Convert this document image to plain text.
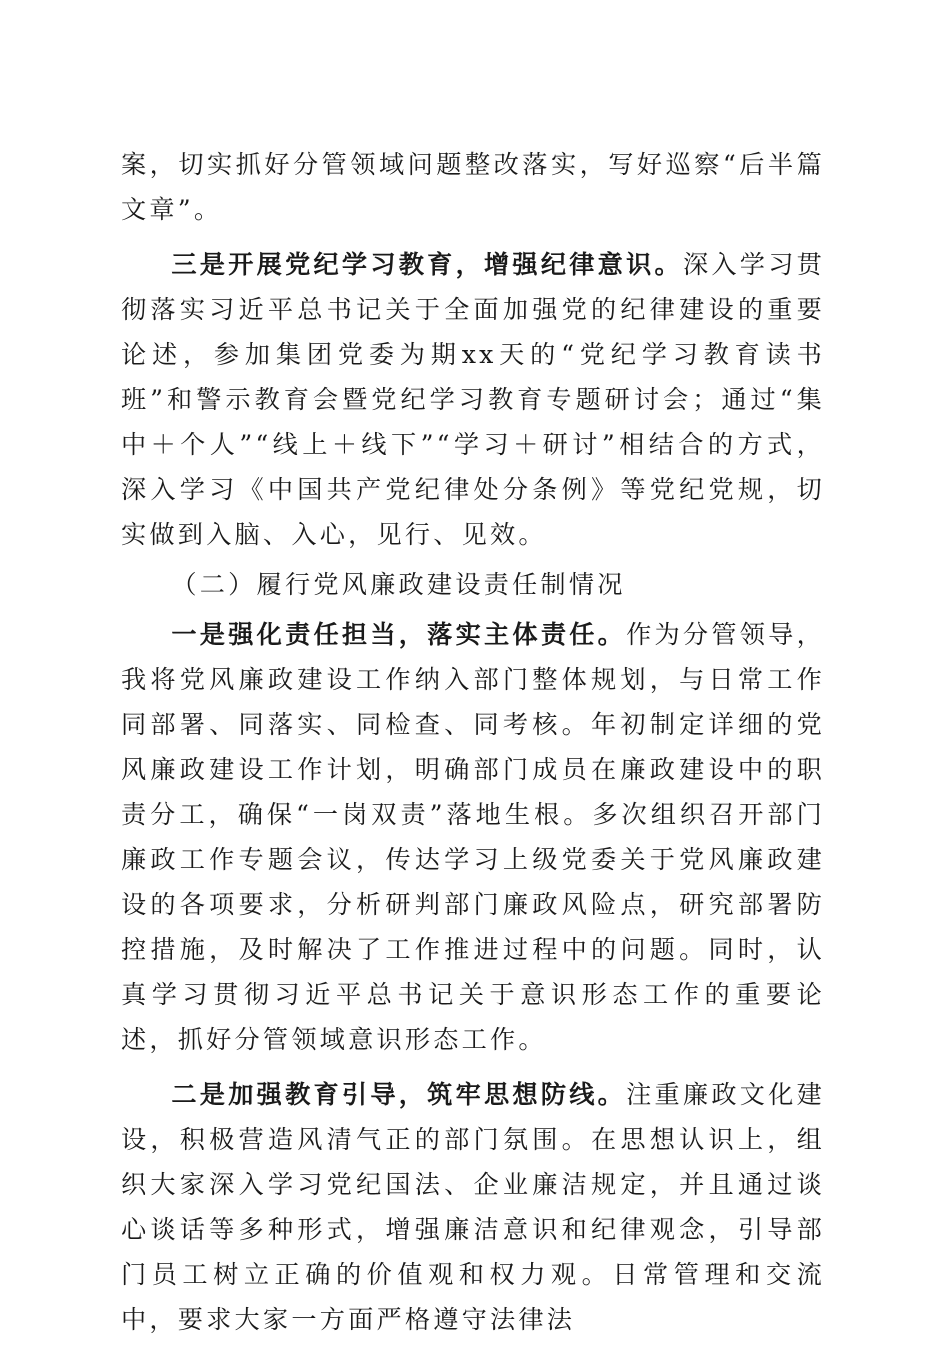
案，切实抓好分管领域问题整改落实，写好巡察“后半篇文章”。

三是开展党纪学习教育，增强纪律意识。深入学习贯彻落实习近平总书记关于全面加强党的纪律建设的重要论述，参加集团党委为期xx天的“党纪学习教育读书班”和警示教育会暨党纪学习教育专题研讨会；通过“集中＋个人”“线上＋线下”“学习＋研讨”相结合的方式，深入学习《中国共产党纪律处分条例》等党纪党规，切实做到入脑、入心，见行、见效。

（二）履行党风廉政建设责任制情况

一是强化责任担当，落实主体责任。作为分管领导，我将党风廉政建设工作纳入部门整体规划，与日常工作同部署、同落实、同检查、同考核。年初制定详细的党风廉政建设工作计划，明确部门成员在廉政建设中的职责分工，确保“一岗双责”落地生根。多次组织召开部门廉政工作专题会议，传达学习上级党委关于党风廉政建设的各项要求，分析研判部门廉政风险点，研究部署防控措施，及时解决了工作推进过程中的问题。同时，认真学习贯彻习近平总书记关于意识形态工作的重要论述，抓好分管领域意识形态工作。

二是加强教育引导，筑牢思想防线。注重廉政文化建设，积极营造风清气正的部门氛围。在思想认识上，组织大家深入学习党纪国法、企业廉洁规定，并且通过谈心谈话等多种形式，增强廉洁意识和纪律观念，引导部门员工树立正确的价值观和权力观。日常管理和交流中，要求大家一方面严格遵守法律法
